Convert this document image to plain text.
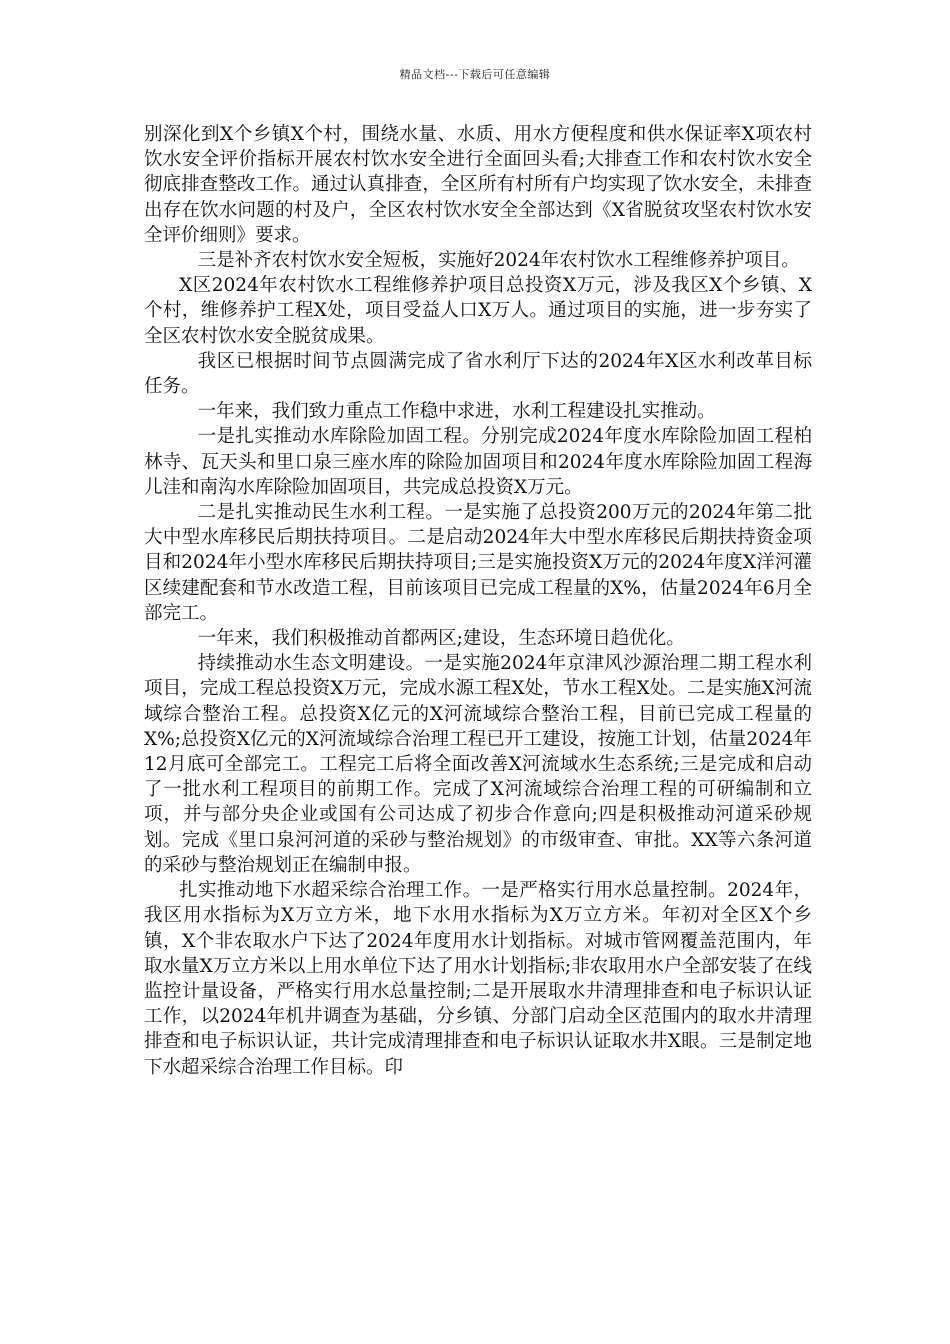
精品文档---下载后可任意编辑

别深化到X个乡镇X个村，围绕水量、水质、用水方便程度和供水保证率X项农村饮水安全评价指标开展农村饮水安全进行全面回头看;大排查工作和农村饮水安全彻底排查整改工作。通过认真排查，全区所有村所有户均实现了饮水安全，未排查出存在饮水问题的村及户，全区农村饮水安全全部达到《X省脱贫攻坚农村饮水安全评价细则》要求。

三是补齐农村饮水安全短板，实施好2024年农村饮水工程维修养护项目。

X区2024年农村饮水工程维修养护项目总投资X万元，涉及我区X个乡镇、X个村，维修养护工程X处，项目受益人口X万人。通过项目的实施，进一步夯实了全区农村饮水安全脱贫成果。

我区已根据时间节点圆满完成了省水利厅下达的2024年X区水利改革目标任务。

一年来，我们致力重点工作稳中求进，水利工程建设扎实推动。

一是扎实推动水库除险加固工程。分别完成2024年度水库除险加固工程柏林寺、瓦天头和里口泉三座水库的除险加固项目和2024年度水库除险加固工程海儿洼和南沟水库除险加固项目，共完成总投资X万元。

二是扎实推动民生水利工程。一是实施了总投资200万元的2024年第二批大中型水库移民后期扶持项目。二是启动2024年大中型水库移民后期扶持资金项目和2024年小型水库移民后期扶持项目;三是实施投资X万元的2024年度X洋河灌区续建配套和节水改造工程，目前该项目已完成工程量的X%，估量2024年6月全部完工。

一年来，我们积极推动首都两区;建设，生态环境日趋优化。

持续推动水生态文明建设。一是实施2024年京津风沙源治理二期工程水利项目，完成工程总投资X万元，完成水源工程X处，节水工程X处。二是实施X河流域综合整治工程。总投资X亿元的X河流域综合整治工程，目前已完成工程量的X%;总投资X亿元的X河流域综合治理工程已开工建设，按施工计划，估量2024年12月底可全部完工。工程完工后将全面改善X河流域水生态系统;三是完成和启动了一批水利工程项目的前期工作。完成了X河流域综合治理工程的可研编制和立项，并与部分央企业或国有公司达成了初步合作意向;四是积极推动河道采砂规划。完成《里口泉河河道的采砂与整治规划》的市级审查、审批。XX等六条河道的采砂与整治规划正在编制申报。

扎实推动地下水超采综合治理工作。一是严格实行用水总量控制。2024年，我区用水指标为X万立方米，地下水用水指标为X万立方米。年初对全区X个乡镇，X个非农取水户下达了2024年度用水计划指标。对城市管网覆盖范围内，年取水量X万立方米以上用水单位下达了用水计划指标;非农取用水户全部安装了在线监控计量设备，严格实行用水总量控制;二是开展取水井清理排查和电子标识认证工作，以2024年机井调查为基础，分乡镇、分部门启动全区范围内的取水井清理排查和电子标识认证，共计完成清理排查和电子标识认证取水井X眼。三是制定地下水超采综合治理工作目标。印
